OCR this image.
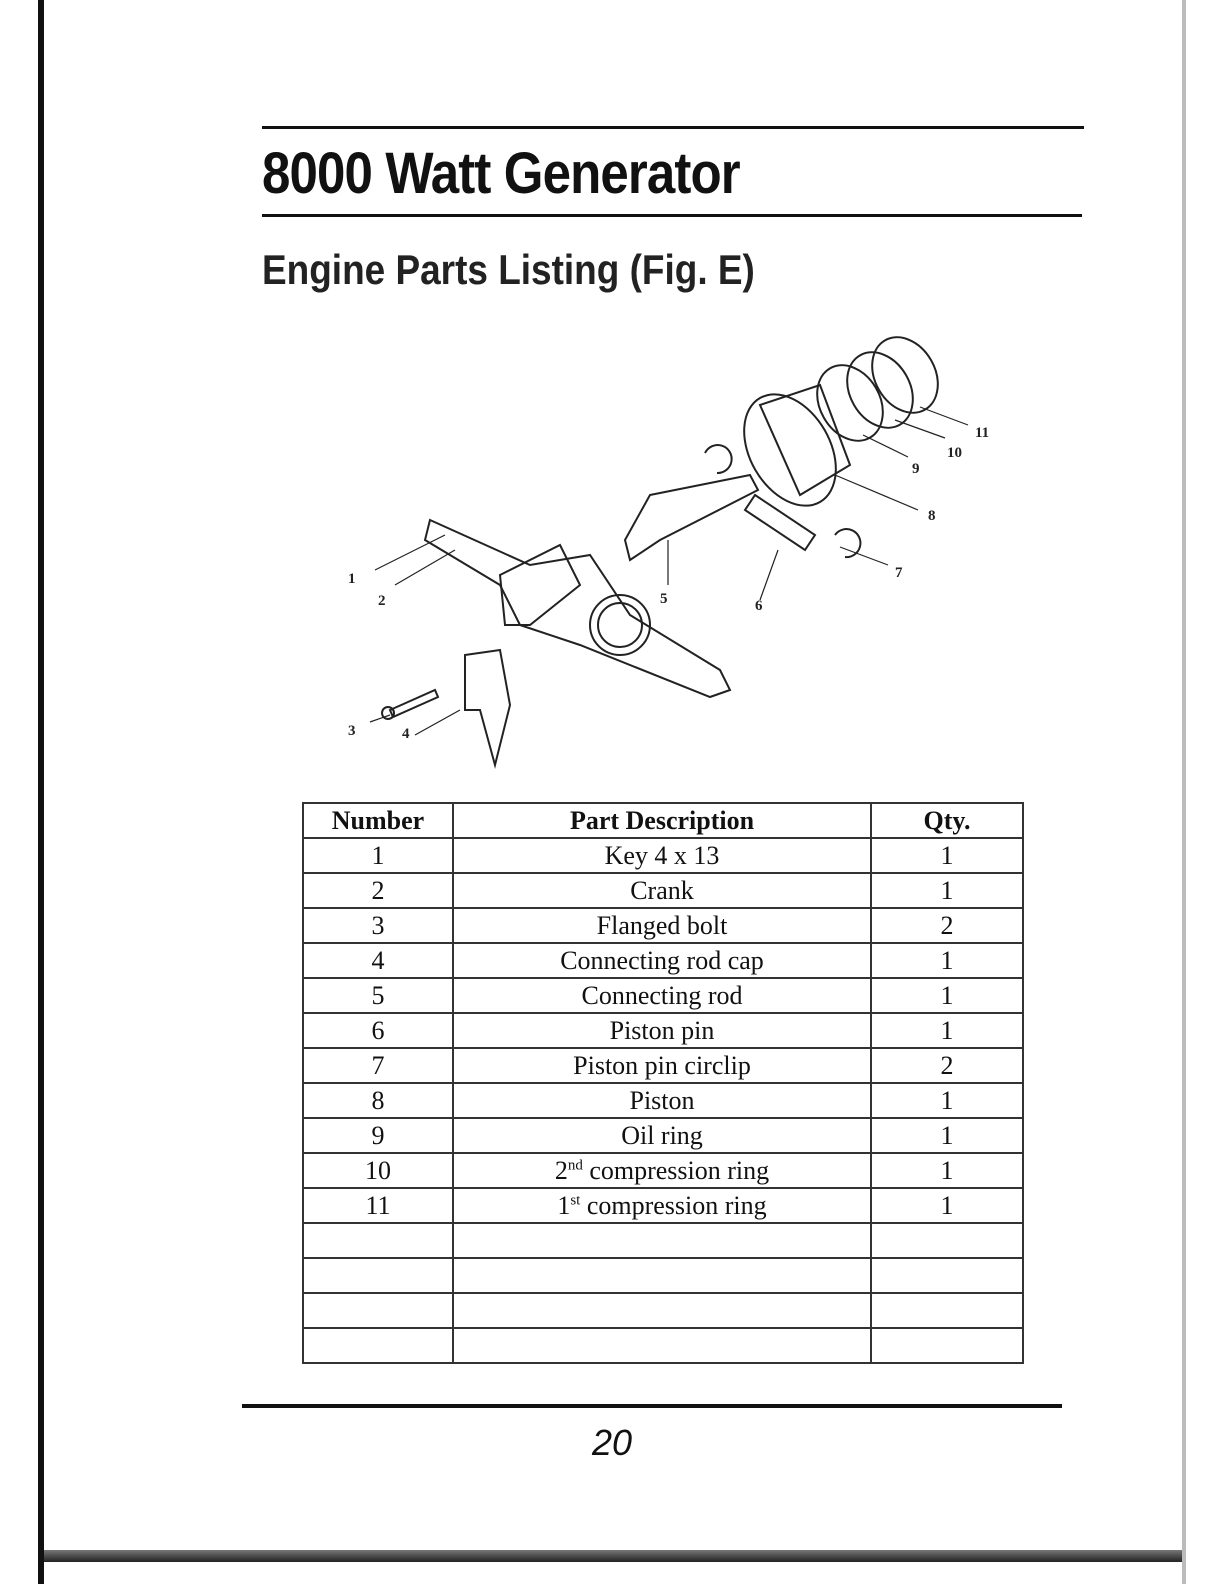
8000 Watt Generator
Engine Parts Listing (Fig. E)
1
2
3	4
5	6
7
8
9
10
11
Number	Part Description	Qty.
1	Key 4 x 13	1
2	Crank	1
3	Flanged bolt	2
4	Connecting rod cap	1
5	Connecting rod	1
6	Piston pin	1
7	Piston pin circlip	2
8	Piston	1
9	Oil ring	1
10	2nd compression ring	1
11	1st compression ring	1

20
